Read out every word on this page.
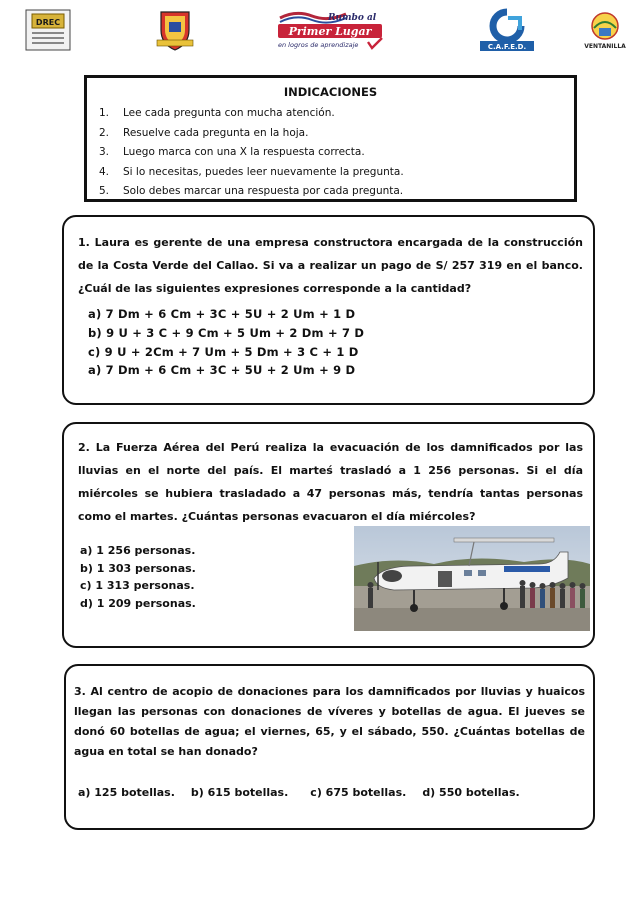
DREC	Rumbo al
Primer Lugar
en logros de aprendizaje	C.A.F.E.D.	VENTANILLA
INDICACIONES
1. Lee cada pregunta con mucha atención.
2. Resuelve cada pregunta en la hoja.
3. Luego marca con una X la respuesta correcta.
4. Si lo necesitas, puedes leer nuevamente la pregunta.
5. Solo debes marcar una respuesta por cada pregunta.
1. Laura es gerente de una empresa constructora encargada de la construcción de la Costa Verde del Callao. Si va a realizar un pago de S/ 257 319 en el banco. ¿Cuál de las siguientes expresiones corresponde a la cantidad?
a) 7 Dm + 6 Cm + 3C + 5U + 2 Um + 1 D
b) 9 U + 3 C + 9 Cm + 5 Um + 2 Dm + 7 D
c) 9 U + 2Cm + 7 Um + 5 Dm + 3 C + 1 D
a) 7 Dm + 6 Cm + 3C + 5U + 2 Um + 9 D
2. La Fuerza Aérea del Perú realiza la evacuación de los damnificados por las lluvias en el norte del país. El marteś trasladó a 1 256 personas. Si el día miércoles se hubiera trasladado a 47 personas más, tendría tantas personas como el martes. ¿Cuántas personas evacuaron el día miércoles?
a) 1 256 personas.
b) 1 303 personas.
c) 1 313 personas.
d) 1 209 personas.
3. Al centro de acopio de donaciones para los damnificados por lluvias y huaicos llegan las personas con donaciones de víveres y botellas de agua. El jueves se donó 60 botellas de agua; el viernes, 65, y el sábado, 550. ¿Cuántas botellas de agua en total se han donado?
a) 125 botellas. b) 615 botellas. c) 675 botellas. d) 550 botellas.
